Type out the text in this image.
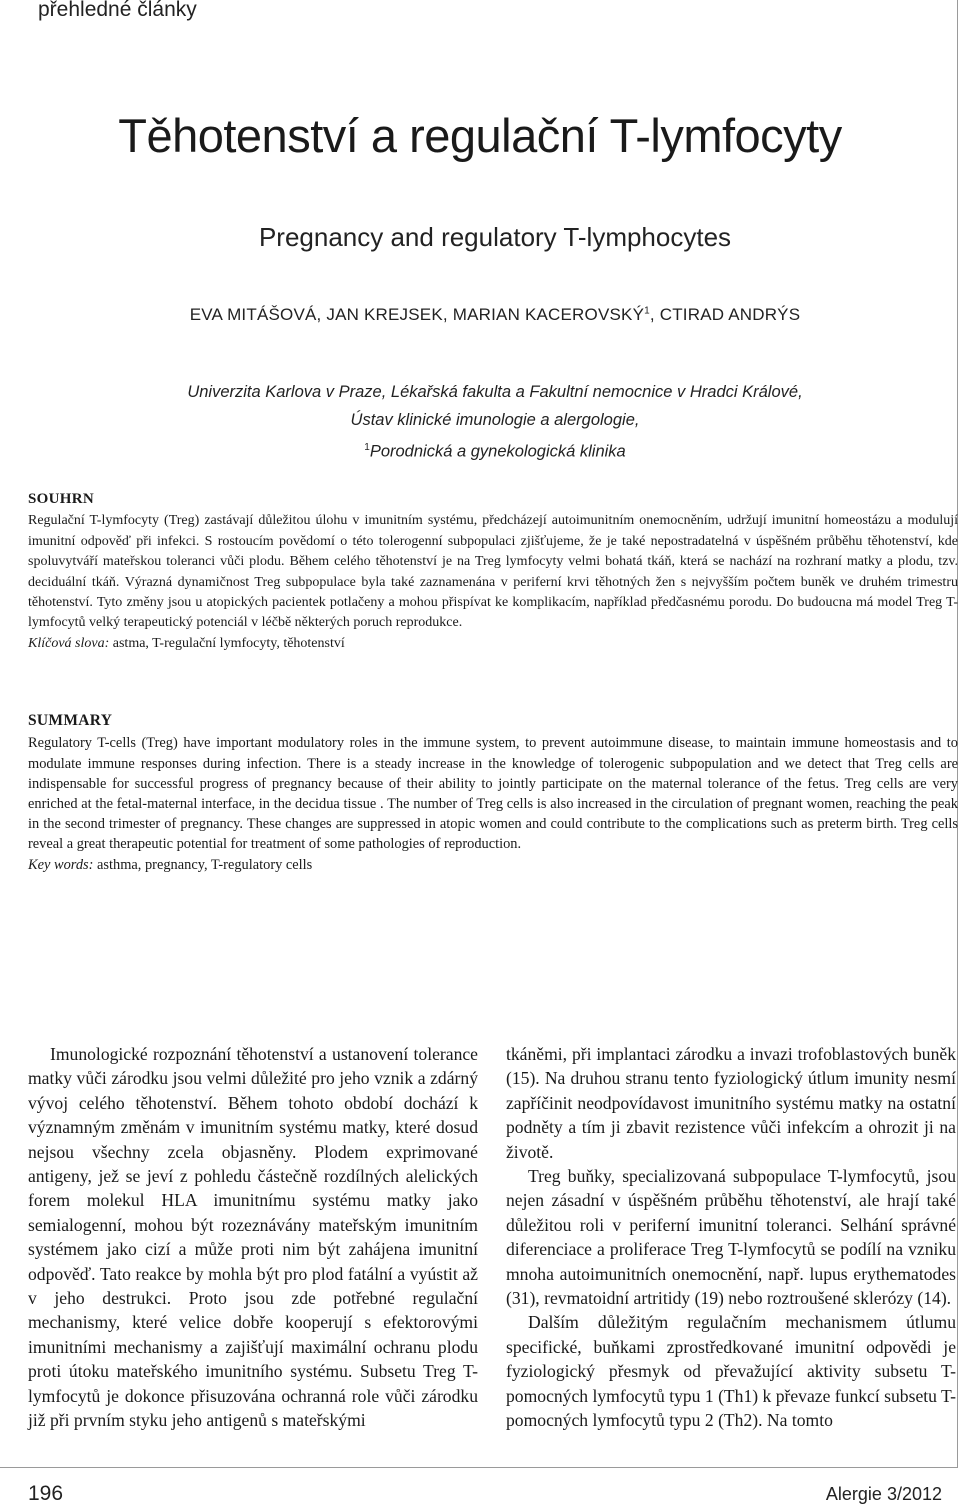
přehledné články
Těhotenství a regulační T-lymfocyty
Pregnancy and regulatory T-lymphocytes
EVA MITÁŠOVÁ, JAN KREJSEK, MARIAN KACEROVSKÝ$^1$, CTIRAD ANDRÝS
Univerzita Karlova v Praze, Lékařská fakulta a Fakultní nemocnice v Hradci Králové,
Ústav klinické imunologie a alergologie,
$^1$Porodnická a gynekologická klinika
SOUHRN

Regulační T-lymfocyty (Treg) zastávají důležitou úlohu v imunitním systému, předcházejí autoimunitním onemocněním, udržují imunitní homeostázu a modulují imunitní odpověď při infekci. S rostoucím povědomí o této tolerogenní subpopulaci zjišťujeme, že je také nepostradatelná v úspěšném průběhu těhotenství, kde spoluvytváří mateřskou toleranci vůči plodu. Během celého těhotenství je na Treg lymfocyty velmi bohatá tkáň, která se nachází na rozhraní matky a plodu, tzv. deciduální tkáň. Výrazná dynamičnost Treg subpopulace byla také zaznamenána v periferní krvi těhotných žen s nejvyšším počtem buněk ve druhém trimestru těhotenství. Tyto změny jsou u atopických pacientek potlačeny a mohou přispívat ke komplikacím, například předčasnému porodu. Do budoucna má model Treg T-lymfocytů velký terapeutický potenciál v léčbě některých poruch reprodukce.

Klíčová slova: astma, T-regulační lymfocyty, těhotenství

SUMMARY

Regulatory T-cells (Treg) have important modulatory roles in the immune system, to prevent autoimmune disease, to maintain immune homeostasis and to modulate immune responses during infection. There is a steady increase in the knowledge of tolerogenic subpopulation and we detect that Treg cells are indispensable for successful progress of pregnancy because of their ability to jointly participate on the maternal tolerance of the fetus. Treg cells are very enriched at the fetal-maternal interface, in the decidua tissue . The number of Treg cells is also increased in the circulation of pregnant women, reaching the peak in the second trimester of pregnancy. These changes are suppressed in atopic women and could contribute to the complications such as preterm birth. Treg cells reveal a great therapeutic potential for treatment of some pathologies of reproduction.

Key words: asthma, pregnancy, T-regulatory cells

Imunologické rozpoznání těhotenství a ustanovení tolerance matky vůči zárodku jsou velmi důležité pro jeho vznik a zdárný vývoj celého těhotenství. Během tohoto období dochází k významným změnám v imunitním systému matky, které dosud nejsou všechny zcela objasněny. Plodem exprimované antigeny, jež se jeví z pohledu částečně rozdílných alelických forem molekul HLA imunitnímu systému matky jako semialogenní, mohou být rozeznávány mateřským imunitním systémem jako cizí a může proti nim být zahájena imunitní odpověď. Tato reakce by mohla být pro plod fatální a vyústit až v jeho destrukci. Proto jsou zde potřebné regulační mechanismy, které velice dobře kooperují s efektorovými imunitními mechanismy a zajišťují maximální ochranu plodu proti útoku mateřského imunitního systému. Subsetu Treg T-lymfocytů je dokonce přisuzována ochranná role vůči zárodku již při prvním styku jeho antigenů s mateřskými

tkáněmi, při implantaci zárodku a invazi trofoblastových buněk (15). Na druhou stranu tento fyziologický útlum imunity nesmí zapříčinit neodpovídavost imunitního systému matky na ostatní podněty a tím ji zbavit rezistence vůči infekcím a ohrozit ji na životě.

Treg buňky, specializovaná subpopulace T-lymfocytů, jsou nejen zásadní v úspěšném průběhu těhotenství, ale hrají také důležitou roli v periferní imunitní toleranci. Selhání správné diferenciace a proliferace Treg T-lymfocytů se podílí na vzniku mnoha autoimunitních onemocnění, např. lupus erythematodes (31), revmatoidní artritidy (19) nebo roztroušené sklerózy (14).

Dalším důležitým regulačním mechanismem útlumu specifické, buňkami zprostředkované imunitní odpovědi je fyziologický přesmyk od převažující aktivity subsetu T-pomocných lymfocytů typu 1 (Th1) k převaze funkcí subsetu T-pomocných lymfocytů typu 2 (Th2). Na tomto

196	Alergie 3/2012
